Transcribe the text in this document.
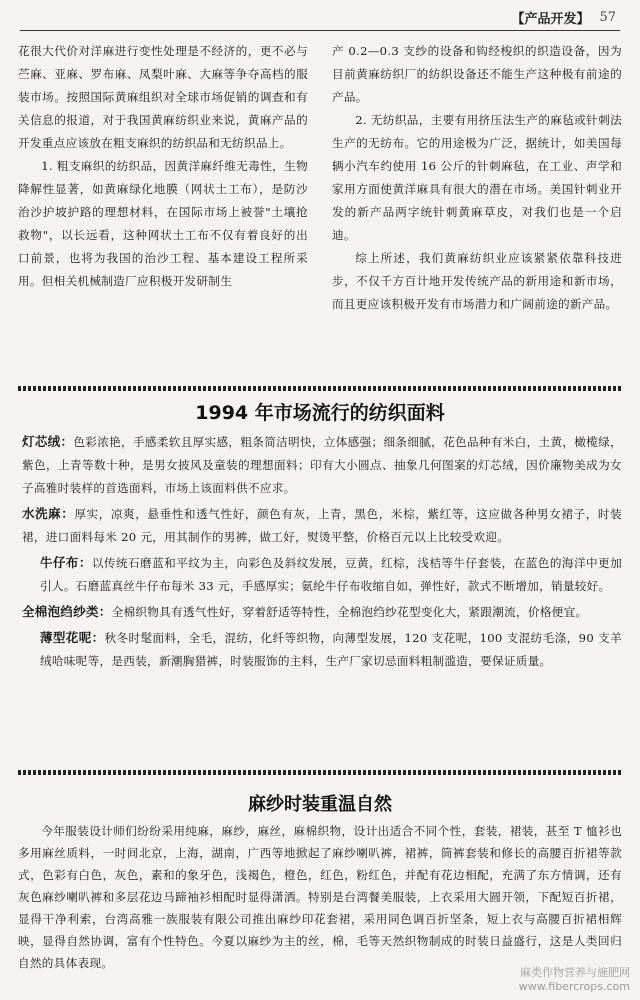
【产品开发】 57

花很大代价对洋麻进行变性处理是不经济的，更不必与苎麻、亚麻、罗布麻、凤梨叶麻、大麻等争夺高档的服装市场。按照国际黄麻组织对全球市场促销的调查和有关信息的报道，对于我国黄麻纺织业来说，黄麻产品的开发重点应该放在粗支麻织的纺织品和无纺织品上。

1. 粗支麻织的纺织品，因黄洋麻纤维无毒性，生物降解性显著，如黄麻绿化地膜（网状土工布），是防沙治沙护坡护路的理想材料，在国际市场上被誉"土壤抢救物"，以长远看，这种网状土工布不仅有着良好的出口前景，也将为我国的治沙工程、基本建设工程所采用。但相关机械制造厂应积极开发研制生

产 0.2—0.3 支纱的设备和钩经梭织的织造设备，因为目前黄麻纺织厂的纺织设备还不能生产这种极有前途的产品。

2. 无纺织品，主要有用挤压法生产的麻毡或针刺法生产的无纺布。它的用途极为广泛，据统计，如美国每辆小汽车约使用 16 公斤的针刺麻毡，在工业、声学和家用方面使黄洋麻具有很大的潜在市场。美国针刺业开发的新产品两字统针刺黄麻草皮，对我们也是一个启迪。

综上所述，我们黄麻纺织业应该紧紧依靠科技进步，不仅千方百计地开发传统产品的新用途和新市场，而且更应该积极开发有市场潜力和广阔前途的新产品。

1994 年市场流行的纺织面料

灯芯绒：色彩浓艳，手感柔软且厚实感，粗条简洁明快，立体感强；细条细腻，花色品种有米白，土黄，橄榄绿，紫色，上青等数十种，是男女披风及童装的理想面料；印有大小圆点、抽象几何图案的灯芯绒，因价廉物美成为女子高雅时装样的首选面料，市场上该面料供不应求。

水洗麻：厚实，凉爽，悬垂性和透气性好，颜色有灰，上青，黑色，米棕，紫红等，这应做各种男女裙子，时装裙，进口面料每米 20 元，用其制作的男裤，做工好，熨烫平整，价格百元以上比较受欢迎。

牛仔布：以传统石磨蓝和平纹为主，向彩色及斜纹发展，豆黄，红棕，浅桔等牛仔套装，在蓝色的海洋中更加引人。石磨蓝真丝牛仔布每米 33 元，手感厚实；氨纶牛仔布收缩自如，弹性好，款式不断增加，销量较好。

全棉泡绉纱类：全棉织物具有透气性好，穿着舒适等特性，全棉泡绉纱花型变化大，紧跟潮流，价格便宜。

薄型花呢：秋冬时髦面料，全毛，混纺，化纤等织物，向薄型发展，120 支花呢，100 支混纺毛涤，90 支羊绒哈味呢等，是西装，新潮胸猎裤，时装服饰的主料，生产厂家切忌面料粗制滥造，要保证质量。

麻纱时装重温自然

今年服装设计师们纷纷采用纯麻，麻纱，麻丝，麻棉织物，设计出适合不同个性，套装，裙装，甚至 T 恤衫也多用麻丝质料，一时间北京，上海，湖南，广西等地掀起了麻纱喇叭裤，裙裤，筒裤套装和修长的高腰百折裙等款式，色彩有白色，灰色，素和的象牙色，浅褐色，橙色，红色，粉红色，并配有花边相配，充满了东方情调，还有灰色麻纱喇叭裤和多层花边马蹄袖衫相配时显得潇洒。特别是台湾餐美服装，上衣采用大圆开领，下配短百折裙，显得干净利索，台湾高雅一族服装有限公司推出麻纱印花套裙，采用同色调百折坚条，短上衣与高腰百折裙相辉映，显得自然协调，富有个性特色。今夏以麻纱为主的丝，棉，毛等天然织物制成的时装日益盛行，这是人类回归自然的具体表现。

麻类作物营养与施肥网
www.fibercrops.com
